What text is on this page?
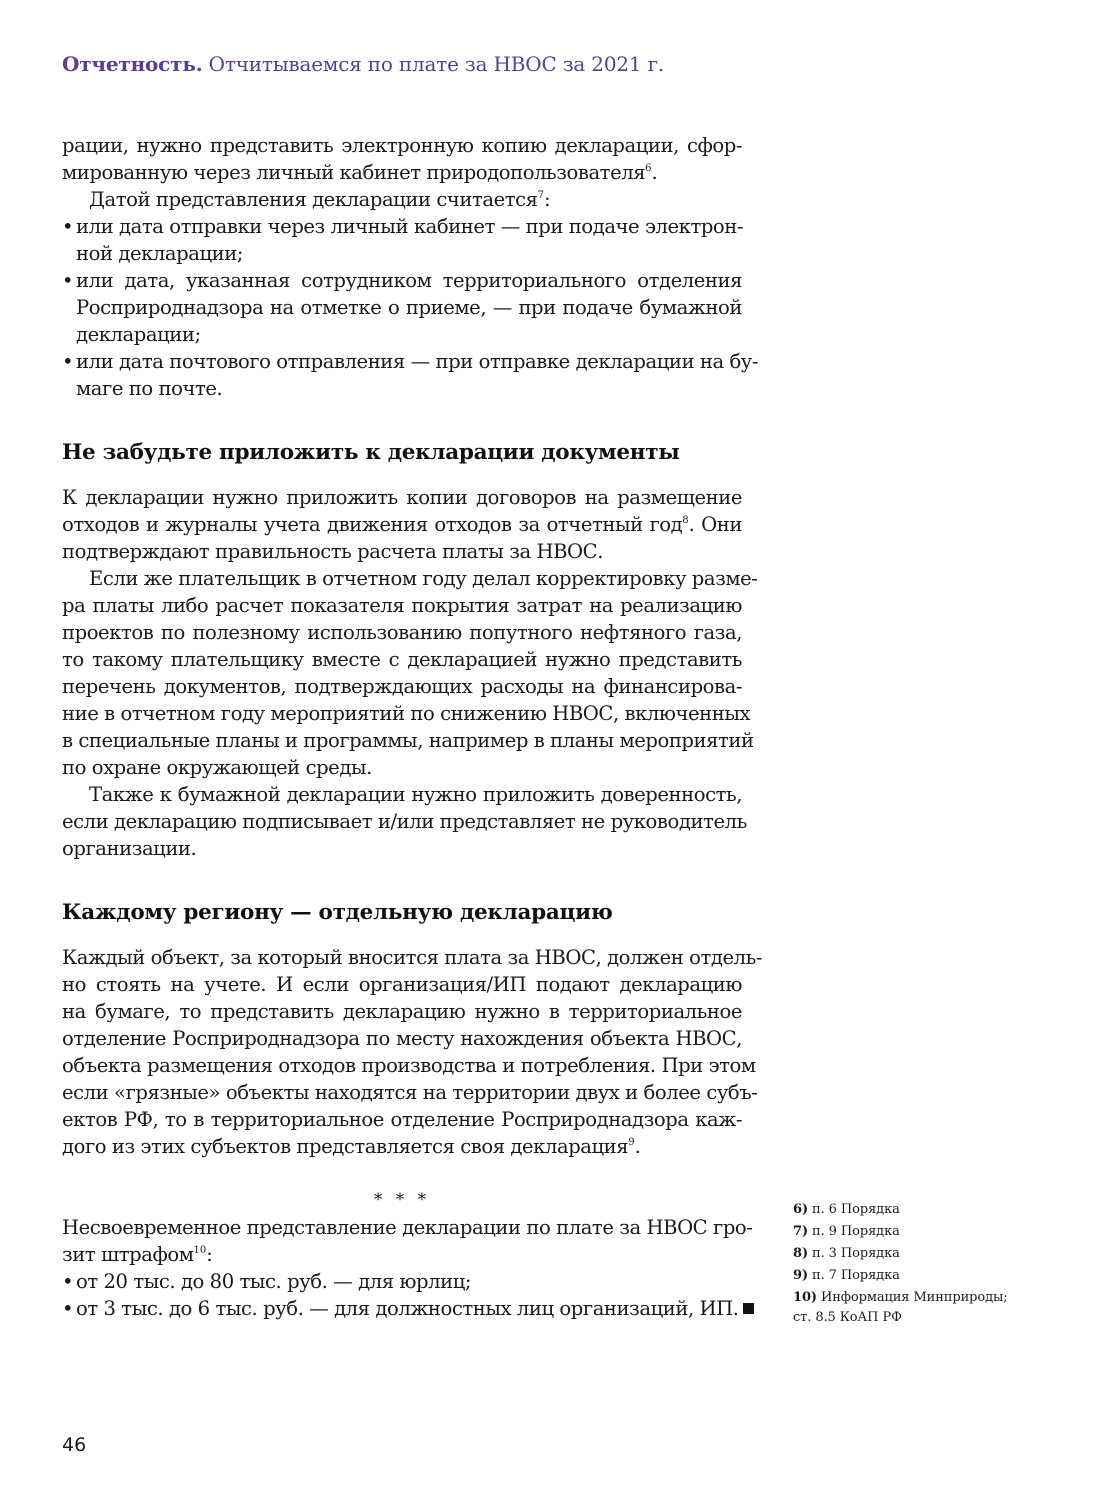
Отчетность. Отчитываемся по плате за НВОС за 2021 г.
рации, нужно представить электронную копию декларации, сфор-
мированную через личный кабинет природопользователя$^6$.
Датой представления декларации считается$^7$:
• или дата отправки через личный кабинет — при подаче электрон-
ной декларации;
• или дата, указанная сотрудником территориального отделения
Росприроднадзора на отметке о приеме, — при подаче бумажной
декларации;
• или дата почтового отправления — при отправке декларации на бу-
маге по почте.
Не забудьте приложить к декларации документы
К декларации нужно приложить копии договоров на размещение
отходов и журналы учета движения отходов за отчетный год$^8$. Они
подтверждают правильность расчета платы за НВОС.
Если же плательщик в отчетном году делал корректировку разме-
ра платы либо расчет показателя покрытия затрат на реализацию
проектов по полезному использованию попутного нефтяного газа,
то такому плательщику вместе с декларацией нужно представить
перечень документов, подтверждающих расходы на финансирова-
ние в отчетном году мероприятий по снижению НВОС, включенных
в специальные планы и программы, например в планы мероприятий
по охране окружающей среды.
Также к бумажной декларации нужно приложить доверенность,
если декларацию подписывает и/или представляет не руководитель
организации.
Каждому региону — отдельную декларацию
Каждый объект, за который вносится плата за НВОС, должен отдель-
но стоять на учете. И если организация/ИП подают декларацию
на бумаге, то представить декларацию нужно в территориальное
отделение Росприроднадзора по месту нахождения объекта НВОС,
объекта размещения отходов производства и потребления. При этом
если «грязные» объекты находятся на территории двух и более субъ-
ектов РФ, то в территориальное отделение Росприроднадзора каж-
дого из этих субъектов представляется своя декларация$^9$.
* * *
Несвоевременное представление декларации по плате за НВОС гро-
зит штрафом$^{10}$:
• от 20 тыс. до 80 тыс. руб. — для юрлиц;
• от 3 тыс. до 6 тыс. руб. — для должностных лиц организаций, ИП.
6) п. 6 Порядка
7) п. 9 Порядка
8) п. 3 Порядка
9) п. 7 Порядка
10) Информация Минприроды;
ст. 8.5 КоАП РФ
46
